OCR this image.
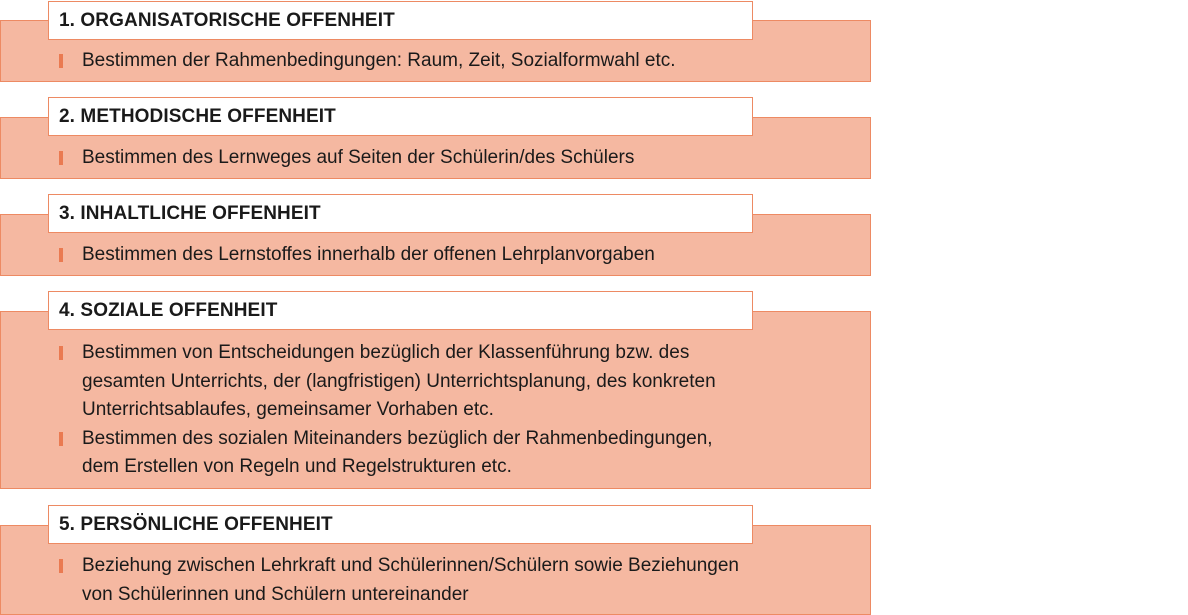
Bestimmen der Rahmenbedingungen: Raum, Zeit, Sozialformwahl etc.
1. ORGANISATORISCHE OFFENHEIT
Bestimmen des Lernweges auf Seiten der Schülerin/des Schülers
2. METHODISCHE OFFENHEIT
Bestimmen des Lernstoffes innerhalb der offenen Lehrplanvorgaben
3. INHALTLICHE OFFENHEIT
Bestimmen von Entscheidungen bezüglich der Klassenführung bzw. des
gesamten Unterrichts, der (langfristigen) Unterrichtsplanung, des konkreten
Unterrichtsablaufes, gemeinsamer Vorhaben etc.
Bestimmen des sozialen Miteinanders bezüglich der Rahmenbedingungen,
dem Erstellen von Regeln und Regelstrukturen etc.
4. SOZIALE OFFENHEIT
Beziehung zwischen Lehrkraft und Schülerinnen/Schülern sowie Beziehungen
von Schülerinnen und Schülern untereinander
5. PERSÖNLICHE OFFENHEIT
